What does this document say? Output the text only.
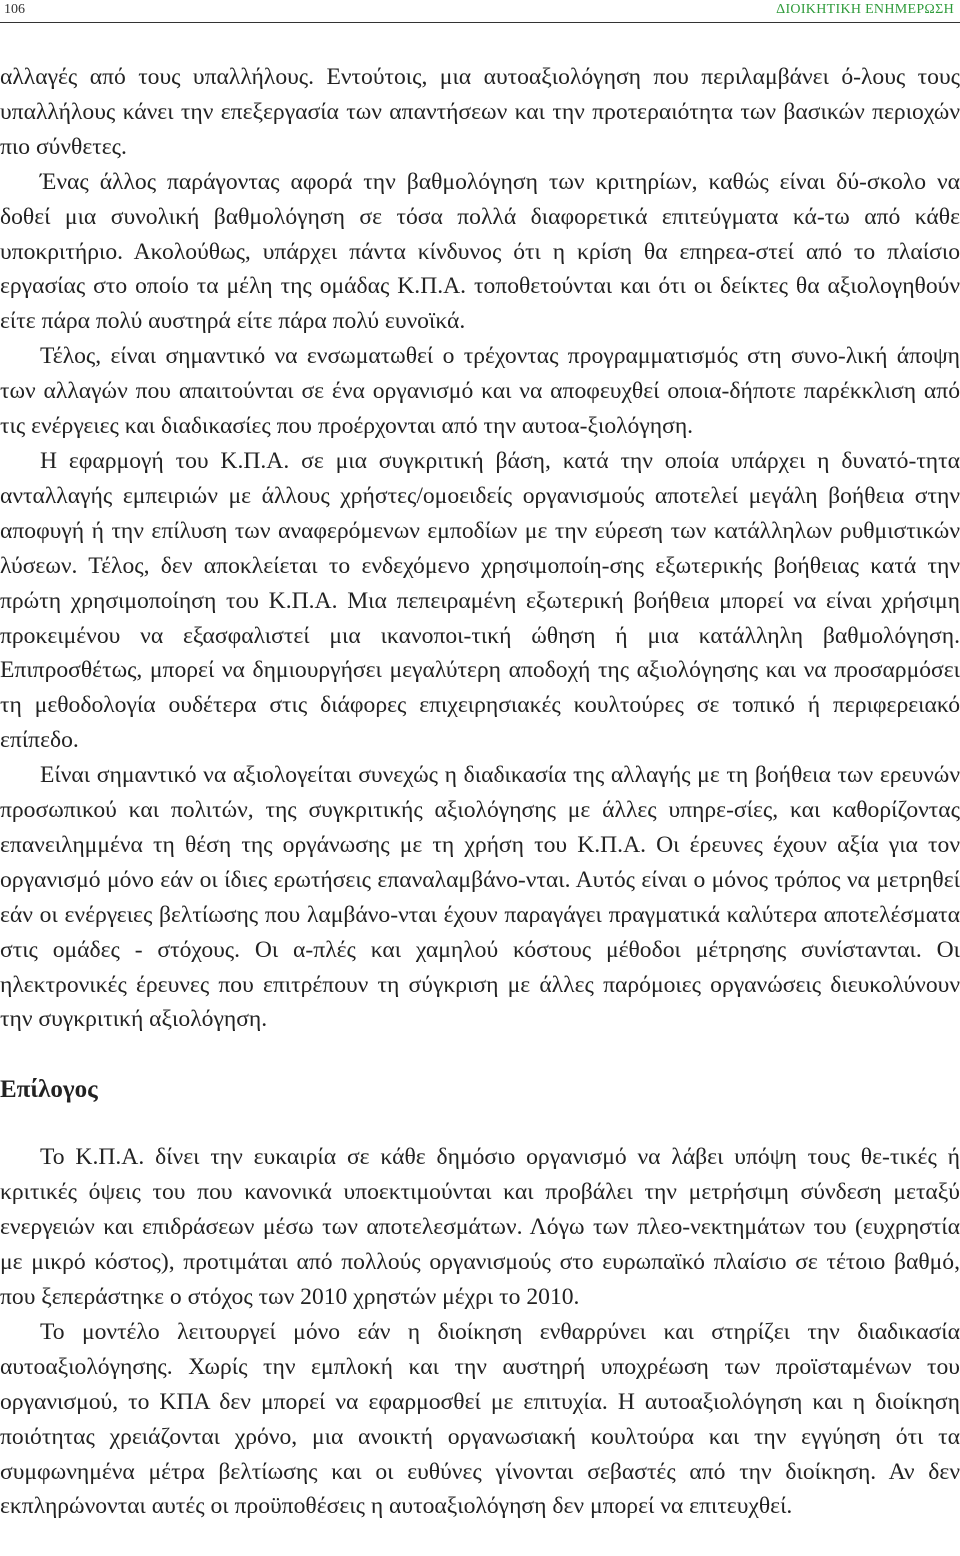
106	ΔΙΟΙΚΗΤΙΚΗ ΕΝΗΜΕΡΩΣΗ

αλλαγές από τους υπαλλήλους. Εντούτοις, μια αυτοαξιολόγηση που περιλαμβάνει ό-λους τους υπαλλήλους κάνει την επεξεργασία των απαντήσεων και την προτεραιότητα των βασικών περιοχών πιο σύνθετες.

Ένας άλλος παράγοντας αφορά την βαθμολόγηση των κριτηρίων, καθώς είναι δύ-σκολο να δοθεί μια συνολική βαθμολόγηση σε τόσα πολλά διαφορετικά επιτεύγματα κά-τω από κάθε υποκριτήριο. Ακολούθως, υπάρχει πάντα κίνδυνος ότι η κρίση θα επηρεα-στεί από το πλαίσιο εργασίας στο οποίο τα μέλη της ομάδας Κ.Π.Α. τοποθετούνται και ότι οι δείκτες θα αξιολογηθούν είτε πάρα πολύ αυστηρά είτε πάρα πολύ ευνοϊκά.

Τέλος, είναι σημαντικό να ενσωματωθεί ο τρέχοντας προγραμματισμός στη συνο-λική άποψη των αλλαγών που απαιτούνται σε ένα οργανισμό και να αποφευχθεί οποια-δήποτε παρέκκλιση από τις ενέργειες και διαδικασίες που προέρχονται από την αυτοα-ξιολόγηση.

Η εφαρμογή του Κ.Π.Α. σε μια συγκριτική βάση, κατά την οποία υπάρχει η δυνατό-τητα ανταλλαγής εμπειριών με άλλους χρήστες/ομοειδείς οργανισμούς αποτελεί μεγάλη βοήθεια στην αποφυγή ή την επίλυση των αναφερόμενων εμποδίων με την εύρεση των κατάλληλων ρυθμιστικών λύσεων. Τέλος, δεν αποκλείεται το ενδεχόμενο χρησιμοποίη-σης εξωτερικής βοήθειας κατά την πρώτη χρησιμοποίηση του Κ.Π.Α. Μια πεπειραμένη εξωτερική βοήθεια μπορεί να είναι χρήσιμη προκειμένου να εξασφαλιστεί μια ικανοποι-τική ώθηση ή μια κατάλληλη βαθμολόγηση. Επιπροσθέτως, μπορεί να δημιουργήσει μεγαλύτερη αποδοχή της αξιολόγησης και να προσαρμόσει τη μεθοδολογία ουδέτερα στις διάφορες επιχειρησιακές κουλτούρες σε τοπικό ή περιφερειακό επίπεδο.

Είναι σημαντικό να αξιολογείται συνεχώς η διαδικασία της αλλαγής με τη βοήθεια των ερευνών προσωπικού και πολιτών, της συγκριτικής αξιολόγησης με άλλες υπηρε-σίες, και καθορίζοντας επανειλημμένα τη θέση της οργάνωσης με τη χρήση του Κ.Π.Α. Οι έρευνες έχουν αξία για τον οργανισμό μόνο εάν οι ίδιες ερωτήσεις επαναλαμβάνο-νται. Αυτός είναι ο μόνος τρόπος να μετρηθεί εάν οι ενέργειες βελτίωσης που λαμβάνο-νται έχουν παραγάγει πραγματικά καλύτερα αποτελέσματα στις ομάδες - στόχους. Οι α-πλές και χαμηλού κόστους μέθοδοι μέτρησης συνίστανται. Οι ηλεκτρονικές έρευνες που επιτρέπουν τη σύγκριση με άλλες παρόμοιες οργανώσεις διευκολύνουν την συγκριτική αξιολόγηση.

Επίλογος

Το Κ.Π.Α. δίνει την ευκαιρία σε κάθε δημόσιο οργανισμό να λάβει υπόψη τους θε-τικές ή κριτικές όψεις του που κανονικά υποεκτιμούνται και προβάλει την μετρήσιμη σύνδεση μεταξύ ενεργειών και επιδράσεων μέσω των αποτελεσμάτων. Λόγω των πλεο-νεκτημάτων του (ευχρηστία με μικρό κόστος), προτιμάται από πολλούς οργανισμούς στο ευρωπαϊκό πλαίσιο σε τέτοιο βαθμό, που ξεπεράστηκε ο στόχος των 2010 χρηστών μέχρι το 2010.

Το μοντέλο λειτουργεί μόνο εάν η διοίκηση ενθαρρύνει και στηρίζει την διαδικασία αυτοαξιολόγησης. Χωρίς την εμπλοκή και την αυστηρή υποχρέωση των προϊσταμένων του οργανισμού, το ΚΠΑ δεν μπορεί να εφαρμοσθεί με επιτυχία. Η αυτοαξιολόγηση και η διοίκηση ποιότητας χρειάζονται χρόνο, μια ανοικτή οργανωσιακή κουλτούρα και την εγγύηση ότι τα συμφωνημένα μέτρα βελτίωσης και οι ευθύνες γίνονται σεβαστές από την διοίκηση. Αν δεν εκπληρώνονται αυτές οι προϋποθέσεις η αυτοαξιολόγηση δεν μπορεί να επιτευχθεί.
